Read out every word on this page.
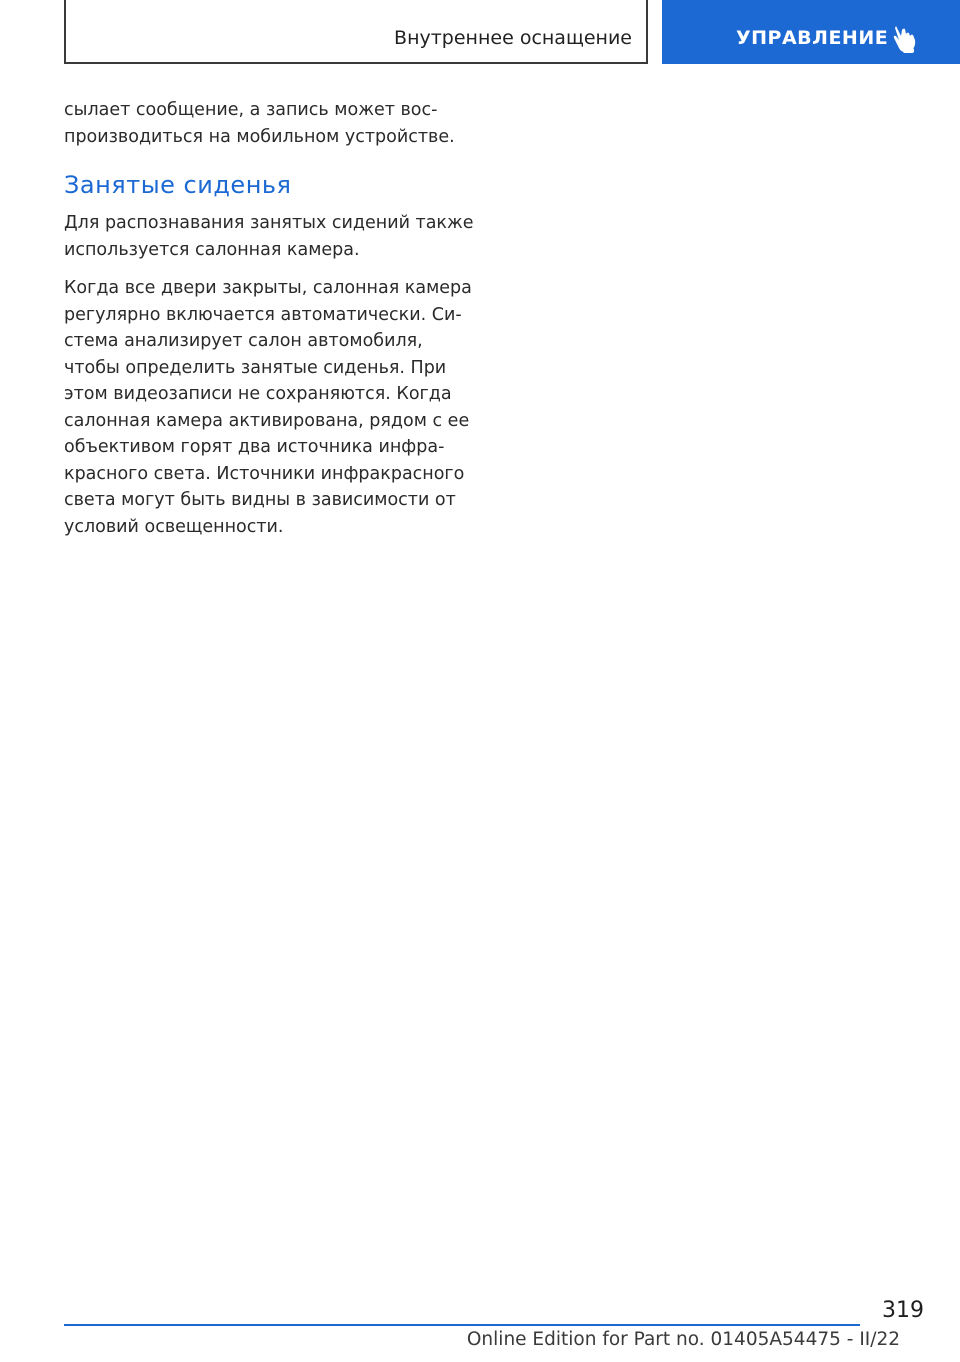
Внутреннее оснащение	УПРАВЛЕНИЕ

сылает сообщение, а запись может вос-
производиться на мобильном устройстве.

Занятые сиденья

Для распознавания занятых сидений также
используется салонная камера.

Когда все двери закрыты, салонная камера
регулярно включается автоматически. Си-
стема анализирует салон автомобиля,
чтобы определить занятые сиденья. При
этом видеозаписи не сохраняются. Когда
салонная камера активирована, рядом с ее
объективом горят два источника инфра-
красного света. Источники инфракрасного
света могут быть видны в зависимости от
условий освещенности.

319
Online Edition for Part no. 01405A54475 - II/22
